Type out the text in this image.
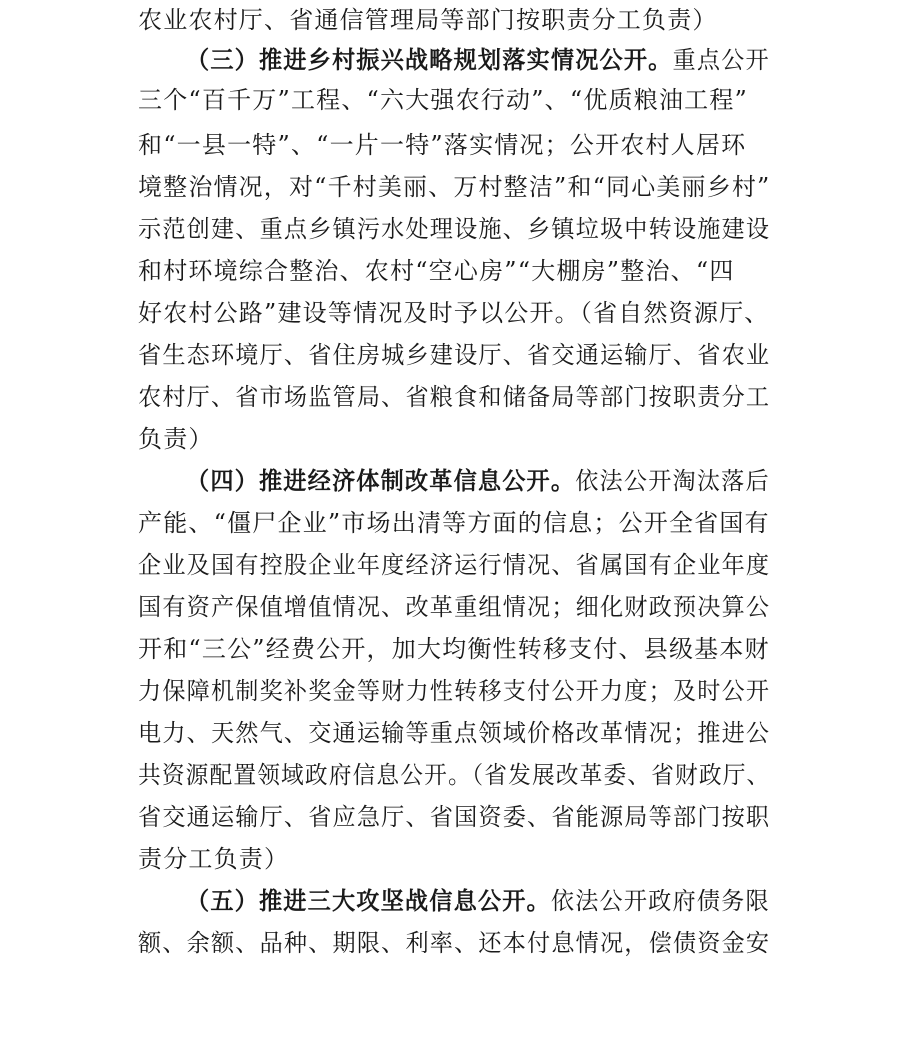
农业农村厅、省通信管理局等部门按职责分工负责）
（三）推进乡村振兴战略规划落实情况公开。重点公开
三个“百千万”工程、“六大强农行动”、“优质粮油工程”
和“一县一特”、“一片一特”落实情况；公开农村人居环
境整治情况，对“千村美丽、万村整洁”和“同心美丽乡村”
示范创建、重点乡镇污水处理设施、乡镇垃圾中转设施建设
和村环境综合整治、农村“空心房”“大棚房”整治、“四
好农村公路”建设等情况及时予以公开。（省自然资源厅、
省生态环境厅、省住房城乡建设厅、省交通运输厅、省农业
农村厅、省市场监管局、省粮食和储备局等部门按职责分工
负责）
（四）推进经济体制改革信息公开。依法公开淘汰落后
产能、“僵尸企业”市场出清等方面的信息；公开全省国有
企业及国有控股企业年度经济运行情况、省属国有企业年度
国有资产保值增值情况、改革重组情况；细化财政预决算公
开和“三公”经费公开，加大均衡性转移支付、县级基本财
力保障机制奖补奖金等财力性转移支付公开力度；及时公开
电力、天然气、交通运输等重点领域价格改革情况；推进公
共资源配置领域政府信息公开。（省发展改革委、省财政厅、
省交通运输厅、省应急厅、省国资委、省能源局等部门按职
责分工负责）
（五）推进三大攻坚战信息公开。依法公开政府债务限
额、余额、品种、期限、利率、还本付息情况，偿债资金安
